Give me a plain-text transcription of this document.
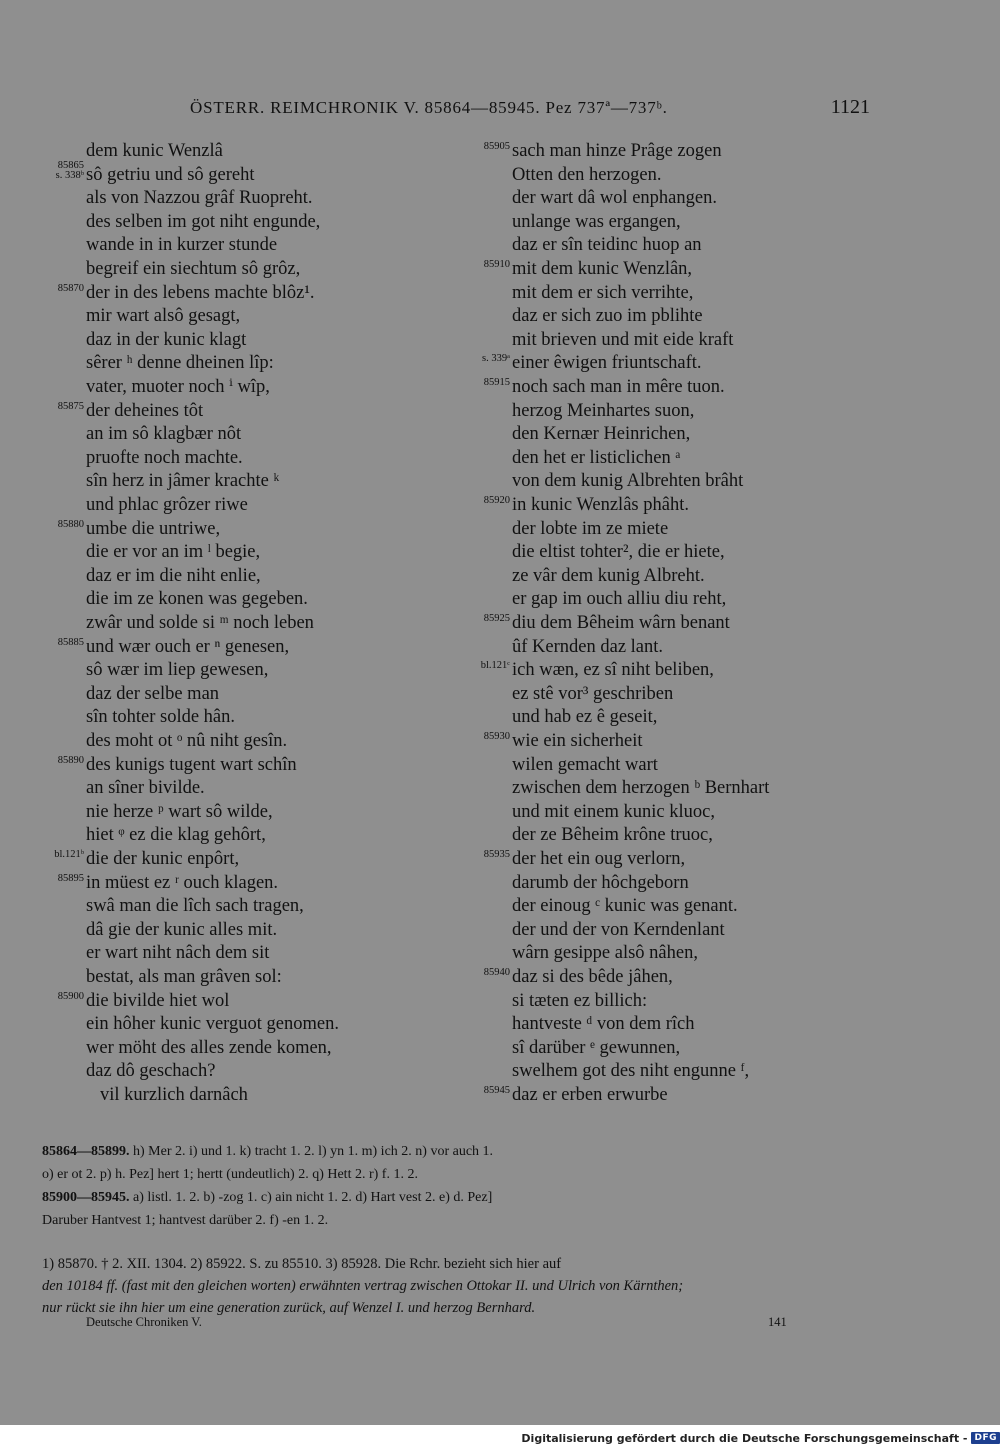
ÖSTERR. REIMCHRONIK V. 85864—85945. Pez 737ª—737ᵇ.	1121
dem kunic Wenzlâ
85865
s. 338ᵇ sô getriu und sô gereht
als von Nazzou grâf Ruopreht.
des selben im got niht engunde,
wande in in kurzer stunde
begreif ein siechtum sô grôz,
85870 der in des lebens machte blôz¹.
mir wart alsô gesagt,
daz in der kunic klagt
sêrer ʰ denne dheinen lîp:
vater, muoter noch ⁱ wîp,
85875 der deheines tôt
an im sô klagbær nôt
pruofte noch machte.
sîn herz in jâmer krachte ᵏ
und phlac grôzer riwe
85880 umbe die untriwe,
die er vor an im ˡ begie,
daz er im die niht enlie,
die im ze konen was gegeben.
zwâr und solde si ᵐ noch leben
85885 und wær ouch er ⁿ genesen,
sô wær im liep gewesen,
daz der selbe man
sîn tohter solde hân.
des moht ot ᵒ nû niht gesîn.
85890 des kunigs tugent wart schîn
an sîner bivilde.
nie herze ᵖ wart sô wilde,
hiet ᵠ ez die klag gehôrt,
bl.121ᵇ die der kunic enpôrt,
85895 in müest ez ʳ ouch klagen.
swâ man die lîch sach tragen,
dâ gie der kunic alles mit.
er wart niht nâch dem sit
bestat, als man grâven sol:
85900 die bivilde hiet wol
ein hôher kunic verguot genomen.
wer möht des alles zende komen,
daz dô geschach?
vil kurzlich darnâch
85905 sach man hinze Prâge zogen
Otten den herzogen.
der wart dâ wol enphangen.
unlange was ergangen,
daz er sîn teidinc huop an
85910 mit dem kunic Wenzlân,
mit dem er sich verrihte,
daz er sich zuo im pblihte
mit brieven und mit eide kraft
s. 339ᵃ einer êwigen friuntschaft.
85915 noch sach man in mêre tuon.
herzog Meinhartes suon,
den Kernær Heinrichen,
den het er listiclichen ᵃ
von dem kunig Albrehten brâht
85920 in kunic Wenzlâs phâht.
der lobte im ze miete
die eltist tohter², die er hiete,
ze vâr dem kunig Albreht.
er gap im ouch alliu diu reht,
85925 diu dem Bêheim wârn benant
ûf Kernden daz lant.
bl.121ᶜ ich wæn, ez sî niht beliben,
ez stê vor³ geschriben
und hab ez ê geseit,
85930 wie ein sicherheit
wilen gemacht wart
zwischen dem herzogen ᵇ Bernhart
und mit einem kunic kluoc,
der ze Bêheim krône truoc,
85935 der het ein oug verlorn,
darumb der hôchgeborn
der einoug ᶜ kunic was genant.
der und der von Kerndenlant
wârn gesippe alsô nâhen,
85940 daz si des bêde jâhen,
si tæten ez billich:
hantveste ᵈ von dem rîch
sî darüber ᵉ gewunnen,
swelhem got des niht engunne ᶠ,
85945 daz er erben erwurbe
85864—85899. h) Mer 2. i) und 1. k) tracht 1. 2. l) yn 1. m) ich 2. n) vor auch 1.
o) er ot 2. p) h. Pez] hert 1; hertt (undeutlich) 2. q) Hett 2. r) f. 1. 2.
85900—85945. a) listl. 1. 2. b) -zog 1. c) ain nicht 1. 2. d) Hart vest 2. e) d. Pez]
Daruber Hantvest 1; hantvest darüber 2. f) -en 1. 2.
1) 85870. † 2. XII. 1304. 2) 85922. S. zu 85510. 3) 85928. Die Rchr. bezieht sich hier auf
den 10184 ff. (fast mit den gleichen worten) erwähnten vertrag zwischen Ottokar II. und Ulrich von Kärnthen;
nur rückt sie ihn hier um eine generation zurück, auf Wenzel I. und herzog Bernhard.
Deutsche Chroniken V.	141
Digitalisierung gefördert durch die Deutsche Forschungsgemeinschaft - DFG
